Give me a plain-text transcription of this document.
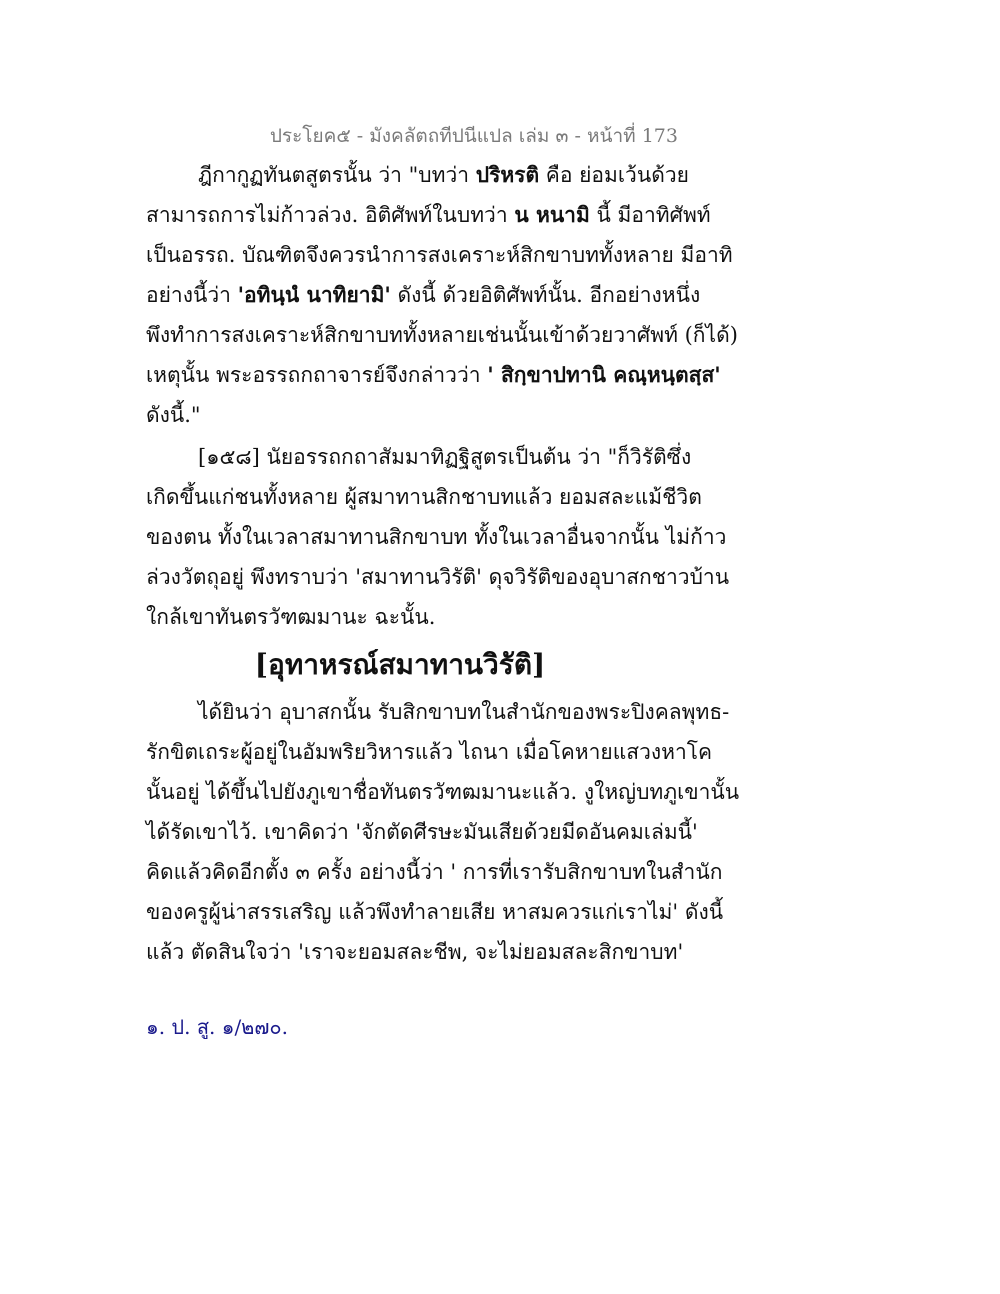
ประโยค๕ - มังคลัตถทีปนีแปล เล่ม ๓ - หน้าที่ 173
ฎีกากูฏทันตสูตรนั้น ว่า "บทว่า ปริหรติ คือ ย่อมเว้นด้วย
สามารถการไม่ก้าวล่วง. อิติศัพท์ในบทว่า น หนามิ นี้ มีอาทิศัพท์
เป็นอรรถ. บัณฑิตจึงควรนำการสงเคราะห์สิกขาบททั้งหลาย มีอาทิ
อย่างนี้ว่า 'อทินฺนํ นาทิยามิ' ดังนี้ ด้วยอิติศัพท์นั้น. อีกอย่างหนึ่ง
พึงทำการสงเคราะห์สิกขาบททั้งหลายเช่นนั้นเข้าด้วยวาศัพท์ (ก็ได้)
เหตุนั้น พระอรรถกถาจารย์จึงกล่าวว่า ' สิกฺขาปทานิ คณฺหนฺตสฺส'
ดังนี้."
[๑๕๘] นัยอรรถกถาสัมมาทิฏฐิสูตรเป็นต้น ว่า "ก็วิรัติซึ่ง
เกิดขึ้นแก่ชนทั้งหลาย ผู้สมาทานสิกชาบทแล้ว ยอมสละแม้ชีวิต
ของตน ทั้งในเวลาสมาทานสิกขาบท ทั้งในเวลาอื่นจากนั้น ไม่ก้าว
ล่วงวัตถุอยู่ พึงทราบว่า 'สมาทานวิรัติ' ดุจวิรัติของอุบาสกชาวบ้าน
ใกล้เขาทันตรวัฑฒมานะ ฉะนั้น.
[อุทาหรณ์สมาทานวิรัติ]
ได้ยินว่า อุบาสกนั้น รับสิกขาบทในสำนักของพระปิงคลพุทธ-
รักขิตเถระผู้อยู่ในอัมพริยวิหารแล้ว ไถนา เมื่อโคหายแสวงหาโค
นั้นอยู่ ได้ขึ้นไปยังภูเขาชื่อทันตรวัฑฒมานะแล้ว. งูใหญ่บทภูเขานั้น
ได้รัดเขาไว้. เขาคิดว่า 'จักตัดศีรษะมันเสียด้วยมีดอันคมเล่มนี้'
คิดแล้วคิดอีกตั้ง ๓ ครั้ง อย่างนี้ว่า ' การที่เรารับสิกขาบทในสำนัก
ของครูผู้น่าสรรเสริญ แล้วพึงทำลายเสีย หาสมควรแก่เราไม่' ดังนี้
แล้ว ตัดสินใจว่า 'เราจะยอมสละชีพ, จะไม่ยอมสละสิกขาบท'
๑. ป. สู. ๑/๒๗๐.
